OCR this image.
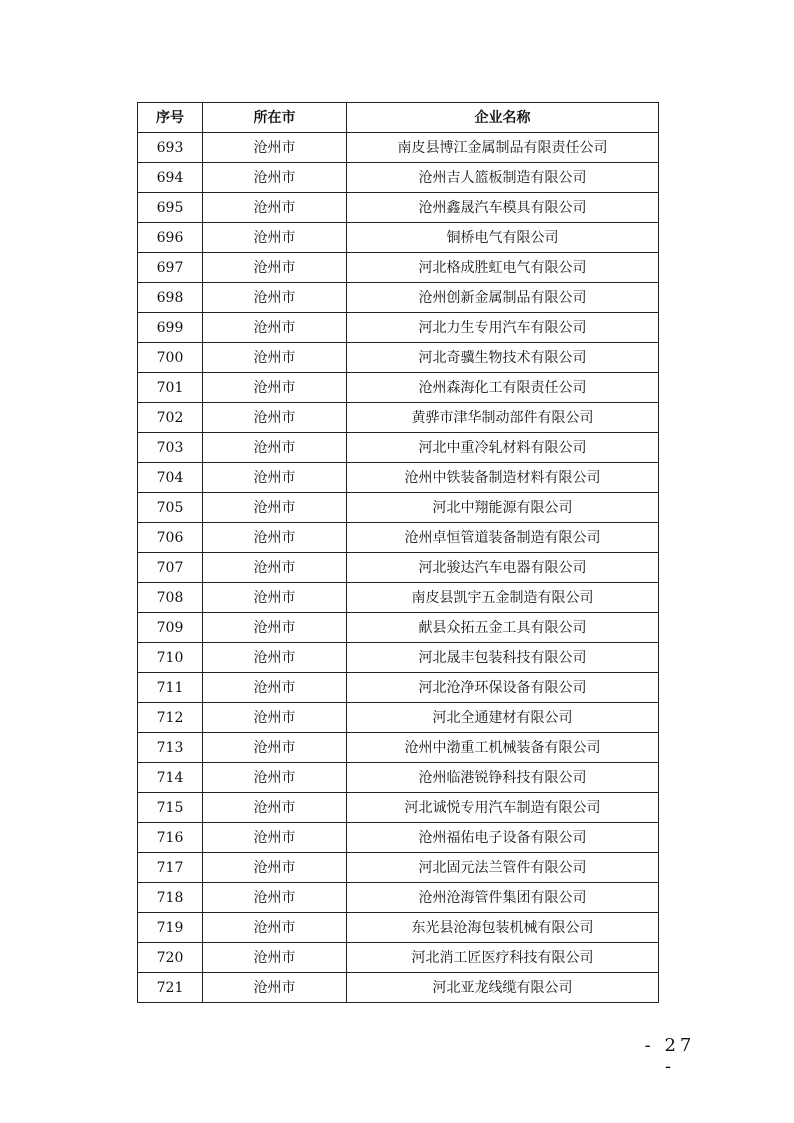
序号	所在市	企业名称
693	沧州市	南皮县博江金属制品有限责任公司
694	沧州市	沧州吉人篮板制造有限公司
695	沧州市	沧州鑫晟汽车模具有限公司
696	沧州市	铜桥电气有限公司
697	沧州市	河北格成胜虹电气有限公司
698	沧州市	沧州创新金属制品有限公司
699	沧州市	河北力生专用汽车有限公司
700	沧州市	河北奇骥生物技术有限公司
701	沧州市	沧州森海化工有限责任公司
702	沧州市	黄骅市津华制动部件有限公司
703	沧州市	河北中重冷轧材料有限公司
704	沧州市	沧州中铁装备制造材料有限公司
705	沧州市	河北中翔能源有限公司
706	沧州市	沧州卓恒管道装备制造有限公司
707	沧州市	河北骏达汽车电器有限公司
708	沧州市	南皮县凯宇五金制造有限公司
709	沧州市	献县众拓五金工具有限公司
710	沧州市	河北晟丰包装科技有限公司
711	沧州市	河北沧净环保设备有限公司
712	沧州市	河北全通建材有限公司
713	沧州市	沧州中渤重工机械装备有限公司
714	沧州市	沧州临港锐铮科技有限公司
715	沧州市	河北诚悦专用汽车制造有限公司
716	沧州市	沧州福佑电子设备有限公司
717	沧州市	河北固元法兰管件有限公司
718	沧州市	沧州沧海管件集团有限公司
719	沧州市	东光县沧海包装机械有限公司
720	沧州市	河北消工匠医疗科技有限公司
721	沧州市	河北亚龙线缆有限公司
- 27 -
